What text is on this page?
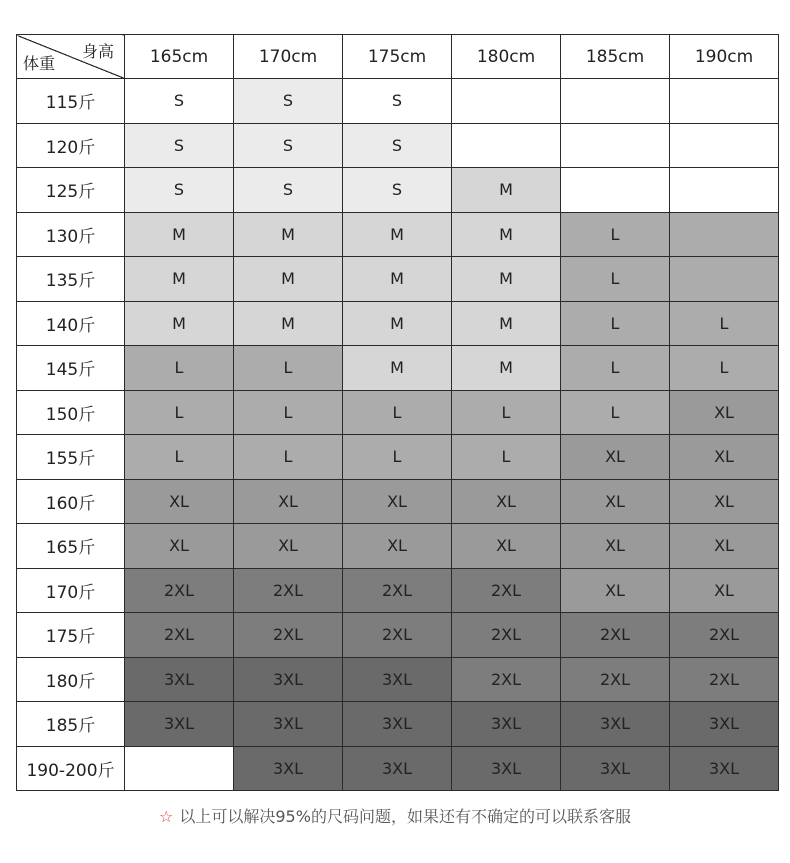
身高
体重	165cm	170cm	175cm	180cm	185cm	190cm
115斤	S	S	S			
120斤	S	S	S			
125斤	S	S	S	M		
130斤	M	M	M	M	L	
135斤	M	M	M	M	L	
140斤	M	M	M	M	L	L
145斤	L	L	M	M	L	L
150斤	L	L	L	L	L	XL
155斤	L	L	L	L	XL	XL
160斤	XL	XL	XL	XL	XL	XL
165斤	XL	XL	XL	XL	XL	XL
170斤	2XL	2XL	2XL	2XL	XL	XL
175斤	2XL	2XL	2XL	2XL	2XL	2XL
180斤	3XL	3XL	3XL	2XL	2XL	2XL
185斤	3XL	3XL	3XL	3XL	3XL	3XL
190-200斤		3XL	3XL	3XL	3XL	3XL
☆ 以上可以解决95%的尺码问题，如果还有不确定的可以联系客服
